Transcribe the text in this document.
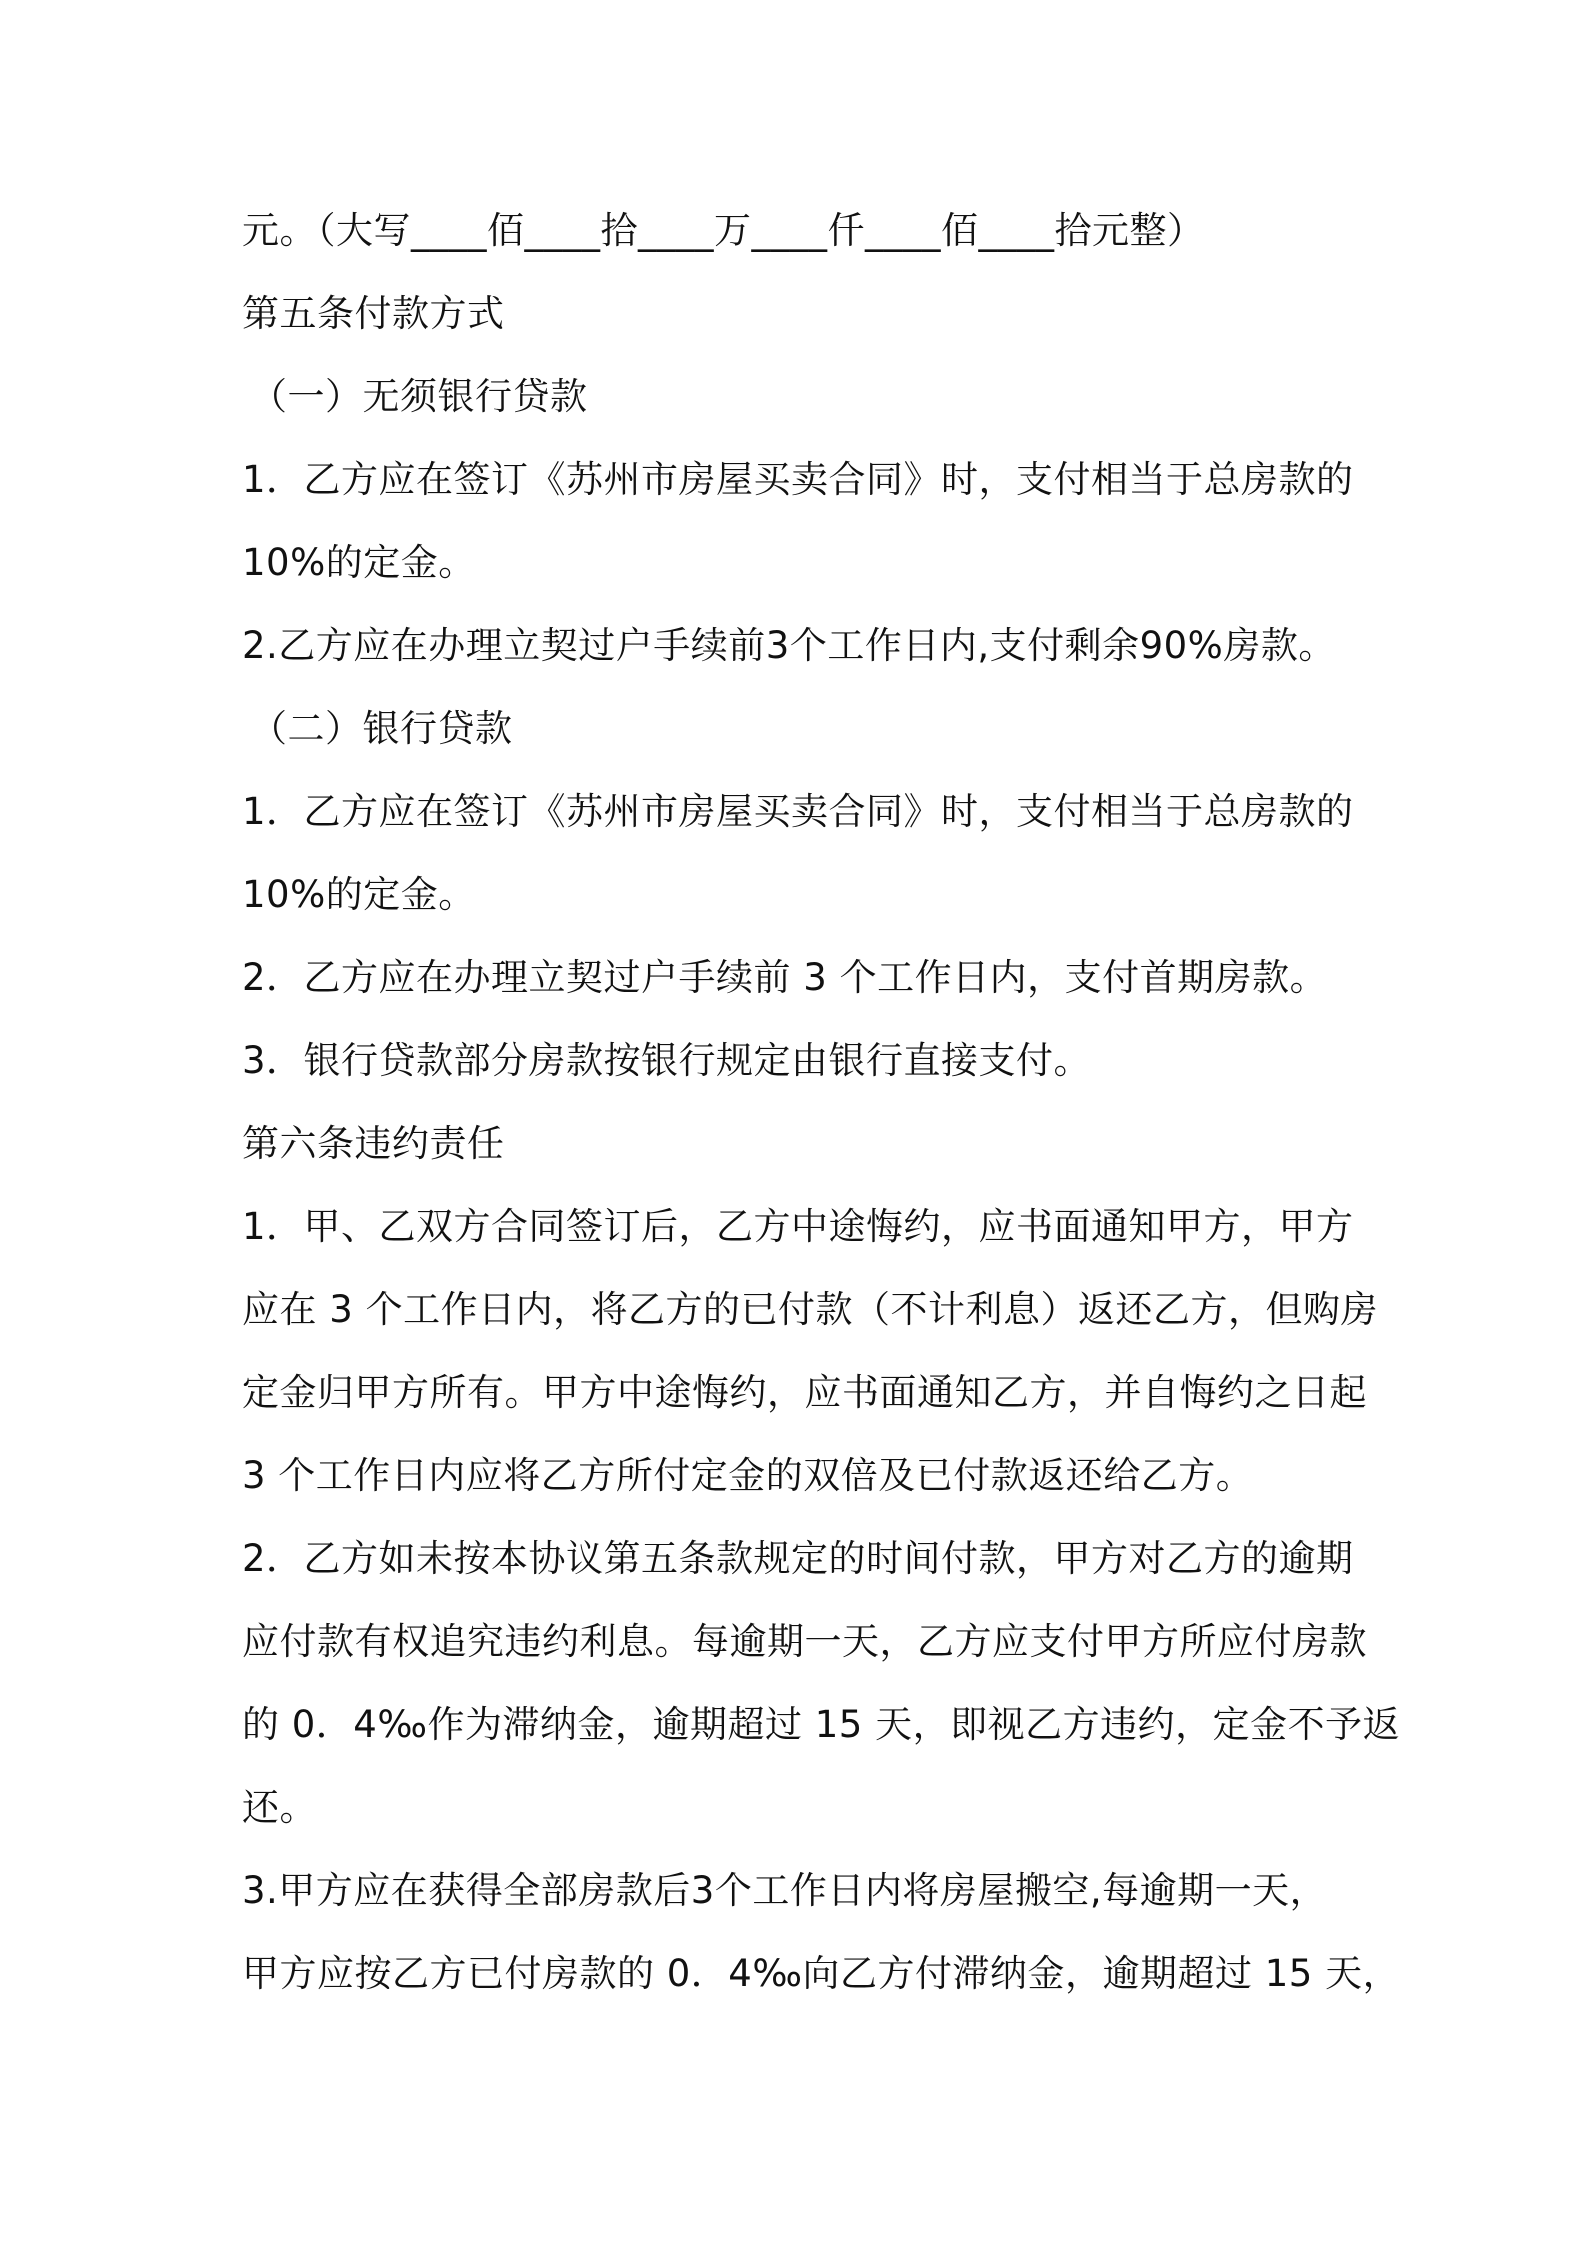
元。（大写____佰____拾____万____仟____佰____拾元整）
第五条付款方式
（一）无须银行贷款
1．乙方应在签订《苏州市房屋买卖合同》时，支付相当于总房款的
10%的定金。
2.乙方应在办理立契过户手续前3个工作日内,支付剩余90%房款。
（二）银行贷款
1．乙方应在签订《苏州市房屋买卖合同》时，支付相当于总房款的
10%的定金。
2．乙方应在办理立契过户手续前 3 个工作日内，支付首期房款。
3．银行贷款部分房款按银行规定由银行直接支付。
第六条违约责任
1．甲、乙双方合同签订后，乙方中途悔约，应书面通知甲方，甲方
应在 3 个工作日内，将乙方的已付款（不计利息）返还乙方，但购房
定金归甲方所有。甲方中途悔约，应书面通知乙方，并自悔约之日起
3 个工作日内应将乙方所付定金的双倍及已付款返还给乙方。
2．乙方如未按本协议第五条款规定的时间付款，甲方对乙方的逾期
应付款有权追究违约利息。每逾期一天，乙方应支付甲方所应付房款
的 0．4‰作为滞纳金，逾期超过 15 天，即视乙方违约，定金不予返
还。
3.甲方应在获得全部房款后3个工作日内将房屋搬空,每逾期一天，
甲方应按乙方已付房款的 0．4‰向乙方付滞纳金，逾期超过 15 天，
